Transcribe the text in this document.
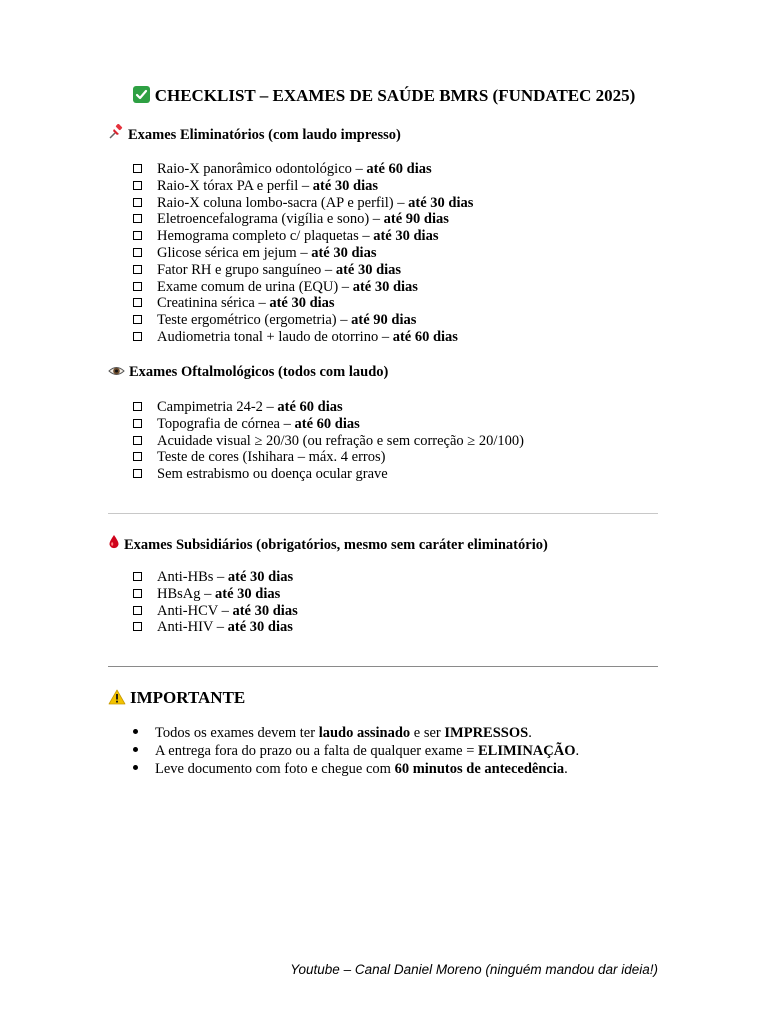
CHECKLIST – EXAMES DE SAÚDE BMRS (FUNDATEC 2025)
Exames Eliminatórios (com laudo impresso)
Raio-X panorâmico odontológico – até 60 dias
Raio-X tórax PA e perfil – até 30 dias
Raio-X coluna lombo-sacra (AP e perfil) – até 30 dias
Eletroencefalograma (vigília e sono) – até 90 dias
Hemograma completo c/ plaquetas – até 30 dias
Glicose sérica em jejum – até 30 dias
Fator RH e grupo sanguíneo – até 30 dias
Exame comum de urina (EQU) – até 30 dias
Creatinina sérica – até 30 dias
Teste ergométrico (ergometria) – até 90 dias
Audiometria tonal + laudo de otorrino – até 60 dias
Exames Oftalmológicos (todos com laudo)
Campimetria 24-2 – até 60 dias
Topografia de córnea – até 60 dias
Acuidade visual ≥ 20/30 (ou refração e sem correção ≥ 20/100)
Teste de cores (Ishihara – máx. 4 erros)
Sem estrabismo ou doença ocular grave
Exames Subsidiários (obrigatórios, mesmo sem caráter eliminatório)
Anti-HBs – até 30 dias
HBsAg – até 30 dias
Anti-HCV – até 30 dias
Anti-HIV – até 30 dias
IMPORTANTE
Todos os exames devem ter laudo assinado e ser IMPRESSOS.
A entrega fora do prazo ou a falta de qualquer exame = ELIMINAÇÃO.
Leve documento com foto e chegue com 60 minutos de antecedência.
Youtube – Canal Daniel Moreno (ninguém mandou dar ideia!)
